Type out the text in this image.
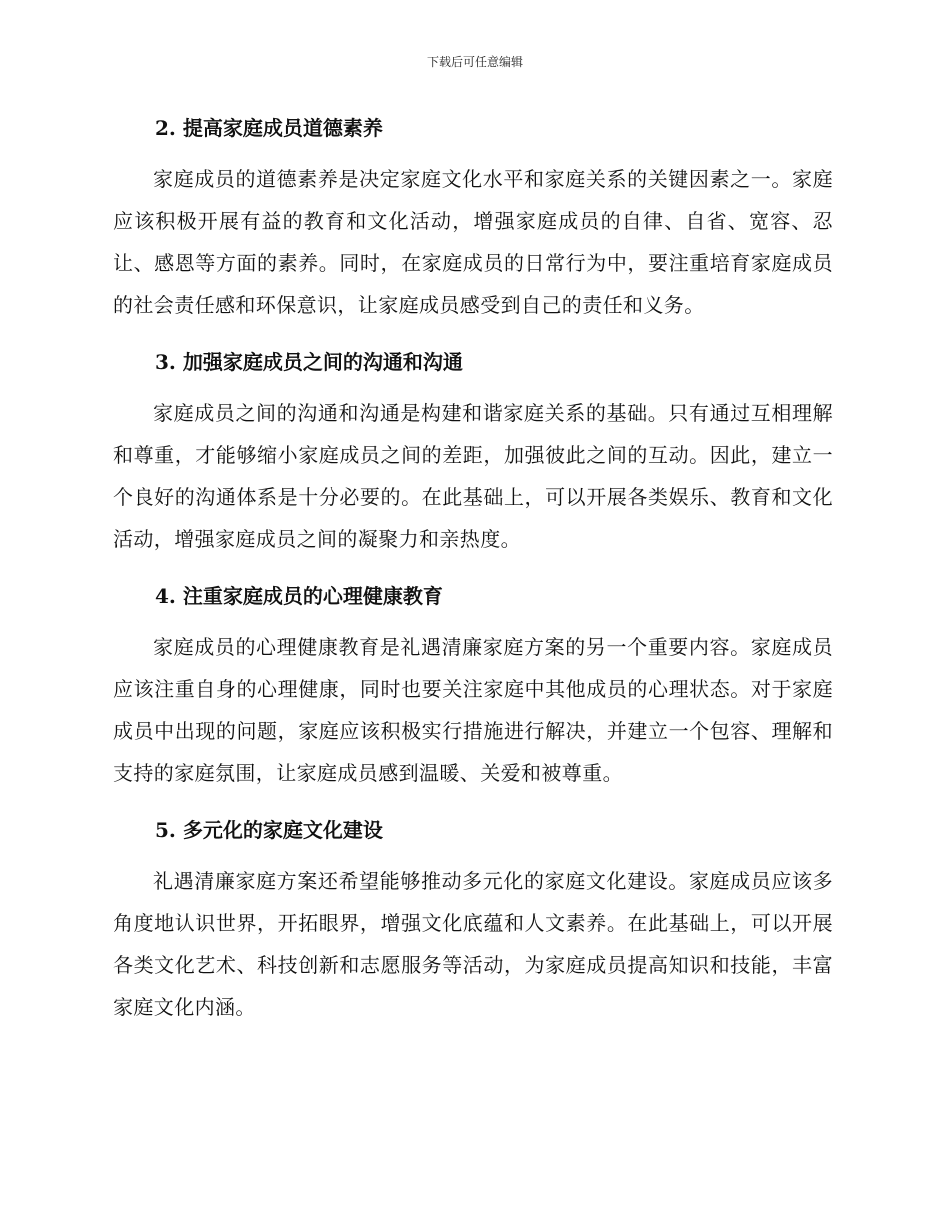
下载后可任意编辑
2. 提高家庭成员道德素养

家庭成员的道德素养是决定家庭文化水平和家庭关系的关键因素之一。家庭应该积极开展有益的教育和文化活动，增强家庭成员的自律、自省、宽容、忍让、感恩等方面的素养。同时，在家庭成员的日常行为中，要注重培育家庭成员的社会责任感和环保意识，让家庭成员感受到自己的责任和义务。

3. 加强家庭成员之间的沟通和沟通

家庭成员之间的沟通和沟通是构建和谐家庭关系的基础。只有通过互相理解和尊重，才能够缩小家庭成员之间的差距，加强彼此之间的互动。因此，建立一个良好的沟通体系是十分必要的。在此基础上，可以开展各类娱乐、教育和文化活动，增强家庭成员之间的凝聚力和亲热度。

4. 注重家庭成员的心理健康教育

家庭成员的心理健康教育是礼遇清廉家庭方案的另一个重要内容。家庭成员应该注重自身的心理健康，同时也要关注家庭中其他成员的心理状态。对于家庭成员中出现的问题，家庭应该积极实行措施进行解决，并建立一个包容、理解和支持的家庭氛围，让家庭成员感到温暖、关爱和被尊重。

5. 多元化的家庭文化建设

礼遇清廉家庭方案还希望能够推动多元化的家庭文化建设。家庭成员应该多角度地认识世界，开拓眼界，增强文化底蕴和人文素养。在此基础上，可以开展各类文化艺术、科技创新和志愿服务等活动，为家庭成员提高知识和技能，丰富家庭文化内涵。
